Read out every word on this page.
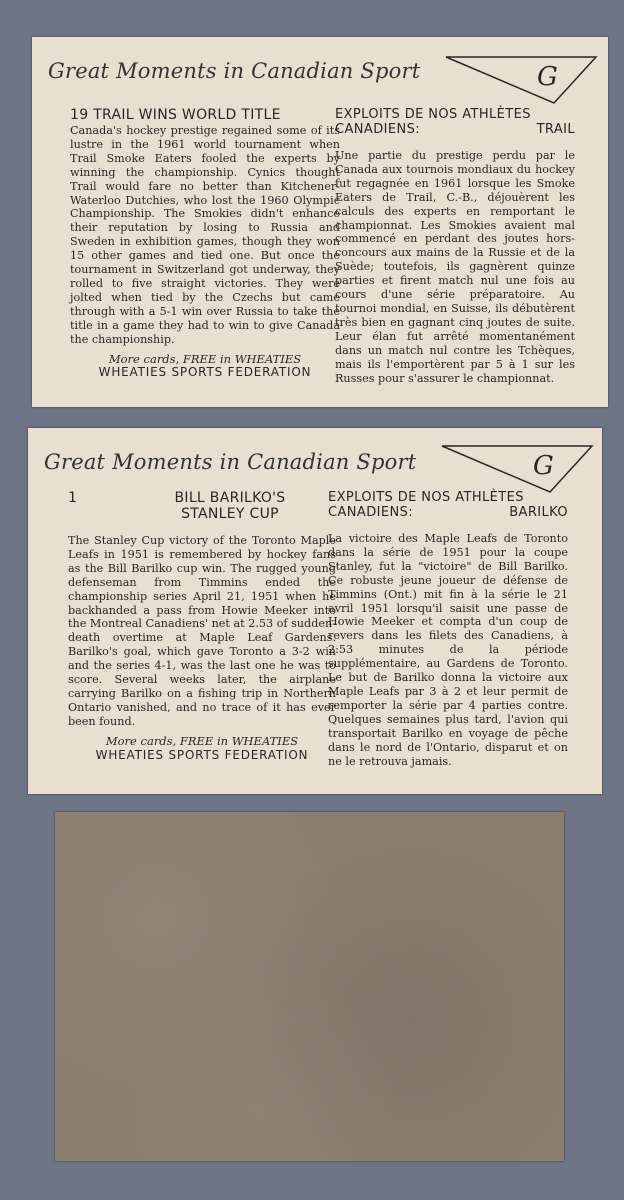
Great Moments in Canadian Sport	G
19 TRAIL WINS WORLD TITLE

Canada's hockey prestige regained some of its lustre in the 1961 world tournament when Trail Smoke Eaters fooled the experts by winning the championship. Cynics thought Trail would fare no better than Kitchener-Waterloo Dutchies, who lost the 1960 Olympic Championship. The Smokies didn't enhance their reputation by losing to Russia and Sweden in exhibition games, though they won 15 other games and tied one. But once the tournament in Switzerland got underway, they rolled to five straight victories. They were jolted when tied by the Czechs but came through with a 5-1 win over Russia to take the title in a game they had to win to give Canada the championship.

More cards, FREE in WHEATIES
WHEATIES SPORTS FEDERATION
EXPLOITS DE NOS ATHLÈTES
CANADIENS:	TRAIL

Une partie du prestige perdu par le Canada aux tournois mondiaux du hockey fut regagnée en 1961 lorsque les Smoke Eaters de Trail, C.-B., déjouèrent les calculs des experts en remportant le championnat. Les Smokies avaient mal commencé en perdant des joutes hors-concours aux mains de la Russie et de la Suède; toutefois, ils gagnèrent quinze parties et firent match nul une fois au cours d'une série préparatoire. Au tournoi mondial, en Suisse, ils débutèrent très bien en gagnant cinq joutes de suite. Leur élan fut arrêté momentanément dans un match nul contre les Tchèques, mais ils l'emportèrent par 5 à 1 sur les Russes pour s'assurer le championnat.

Great Moments in Canadian Sport	G
1	BILL BARILKO'S
STANLEY CUP

The Stanley Cup victory of the Toronto Maple Leafs in 1951 is remembered by hockey fans as the Bill Barilko cup win. The rugged young defenseman from Timmins ended the championship series April 21, 1951 when he backhanded a pass from Howie Meeker into the Montreal Canadiens' net at 2.53 of sudden-death overtime at Maple Leaf Gardens. Barilko's goal, which gave Toronto a 3-2 win and the series 4-1, was the last one he was to score. Several weeks later, the airplane carrying Barilko on a fishing trip in Northern Ontario vanished, and no trace of it has ever been found.

More cards, FREE in WHEATIES
WHEATIES SPORTS FEDERATION
EXPLOITS DE NOS ATHLÈTES
CANADIENS:	BARILKO

La victoire des Maple Leafs de Toronto dans la série de 1951 pour la coupe Stanley, fut la "victoire" de Bill Barilko. Ce robuste jeune joueur de défense de Timmins (Ont.) mit fin à la série le 21 avril 1951 lorsqu'il saisit une passe de Howie Meeker et compta d'un coup de revers dans les filets des Canadiens, à 2:53 minutes de la période supplémentaire, au Gardens de Toronto. Le but de Barilko donna la victoire aux Maple Leafs par 3 à 2 et leur permit de remporter la série par 4 parties contre. Quelques semaines plus tard, l'avion qui transportait Barilko en voyage de pêche dans le nord de l'Ontario, disparut et on ne le retrouva jamais.
